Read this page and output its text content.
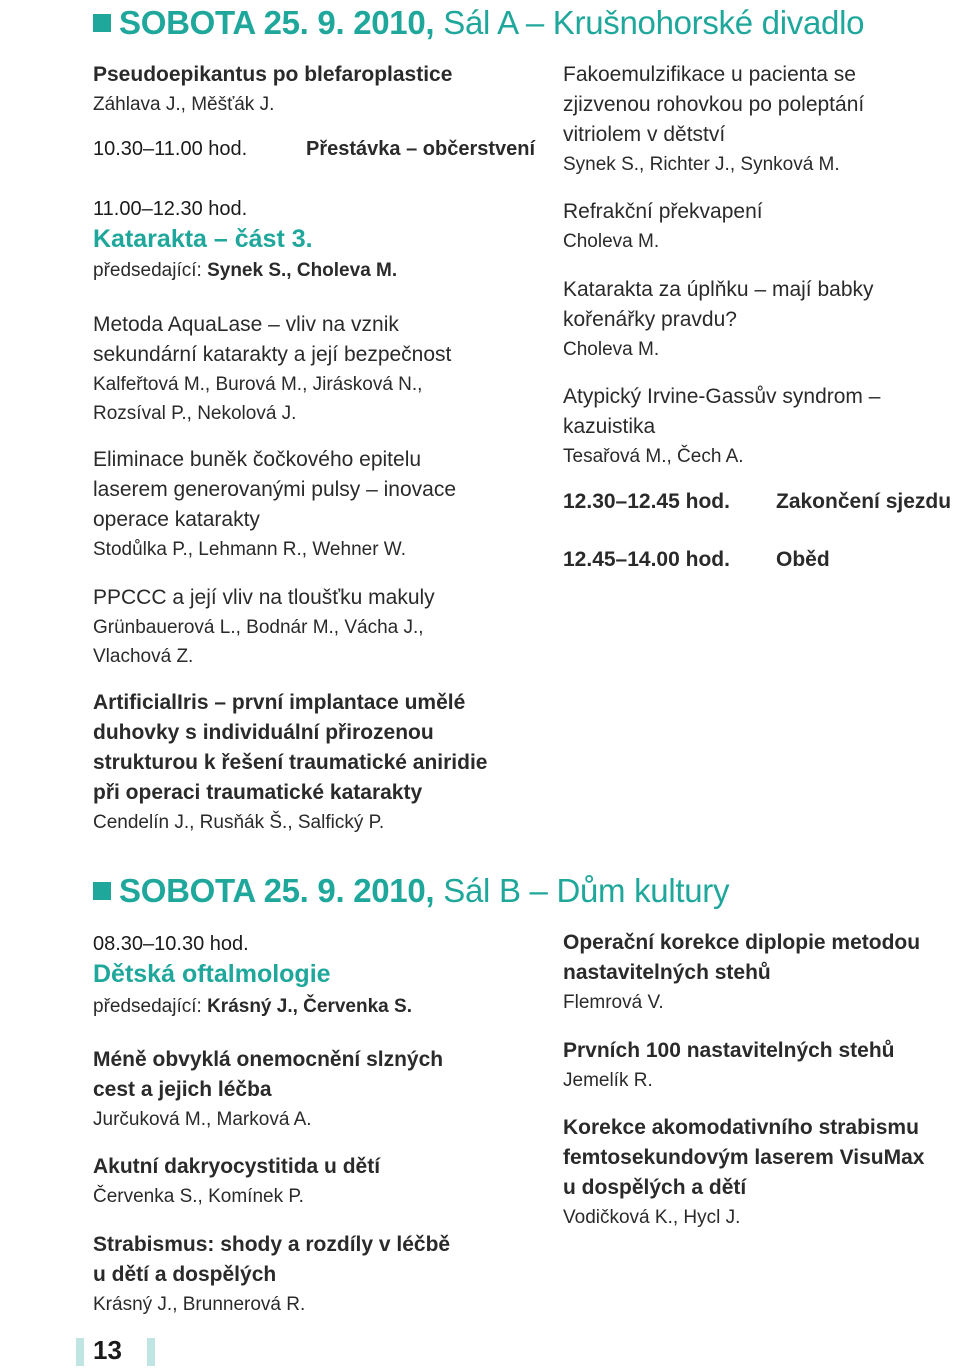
SOBOTA 25. 9. 2010, Sál A – Krušnohorské divadlo
Pseudoepikantus po blefaroplastice
Záhlava J., Měšťák J.
10.30–11.00 hod.	Přestávka – občerstvení
11.00–12.30 hod.
Katarakta – část 3.
předsedající: Synek S., Choleva M.
Metoda AquaLase – vliv na vznik
sekundární katarakty a její bezpečnost
Kalfeřtová M., Burová M., Jirásková N.,
Rozsíval P., Nekolová J.
Eliminace buněk čočkového epitelu
laserem generovanými pulsy – inovace
operace katarakty
Stodůlka P., Lehmann R., Wehner W.
PPCCC a její vliv na tloušťku makuly
Grünbauerová L., Bodnár M., Vácha J.,
Vlachová Z.
ArtificialIris – první implantace umělé
duhovky s individuální přirozenou
strukturou k řešení traumatické aniridie
při operaci traumatické katarakty
Cendelín J., Rusňák Š., Salfický P.
Fakoemulzifikace u pacienta se
zjizvenou rohovkou po poleptání
vitriolem v dětství
Synek S., Richter J., Synková M.
Refrakční překvapení
Choleva M.
Katarakta za úplňku – mají babky
kořenářky pravdu?
Choleva M.
Atypický Irvine-Gassův syndrom –
kazuistika
Tesařová M., Čech A.
12.30–12.45 hod. Zakončení sjezdu
12.45–14.00 hod. Oběd
SOBOTA 25. 9. 2010, Sál B – Dům kultury
08.30–10.30 hod.
Dětská oftalmologie
předsedající: Krásný J., Červenka S.
Méně obvyklá onemocnění slzných
cest a jejich léčba
Jurčuková M., Marková A.
Akutní dakryocystitida u dětí
Červenka S., Komínek P.
Strabismus: shody a rozdíly v léčbě
u dětí a dospělých
Krásný J., Brunnerová R.
Operační korekce diplopie metodou
nastavitelných stehů
Flemrová V.
Prvních 100 nastavitelných stehů
Jemelík R.
Korekce akomodativního strabismu
femtosekundovým laserem VisuMax
u dospělých a dětí
Vodičková K., Hycl J.
13
